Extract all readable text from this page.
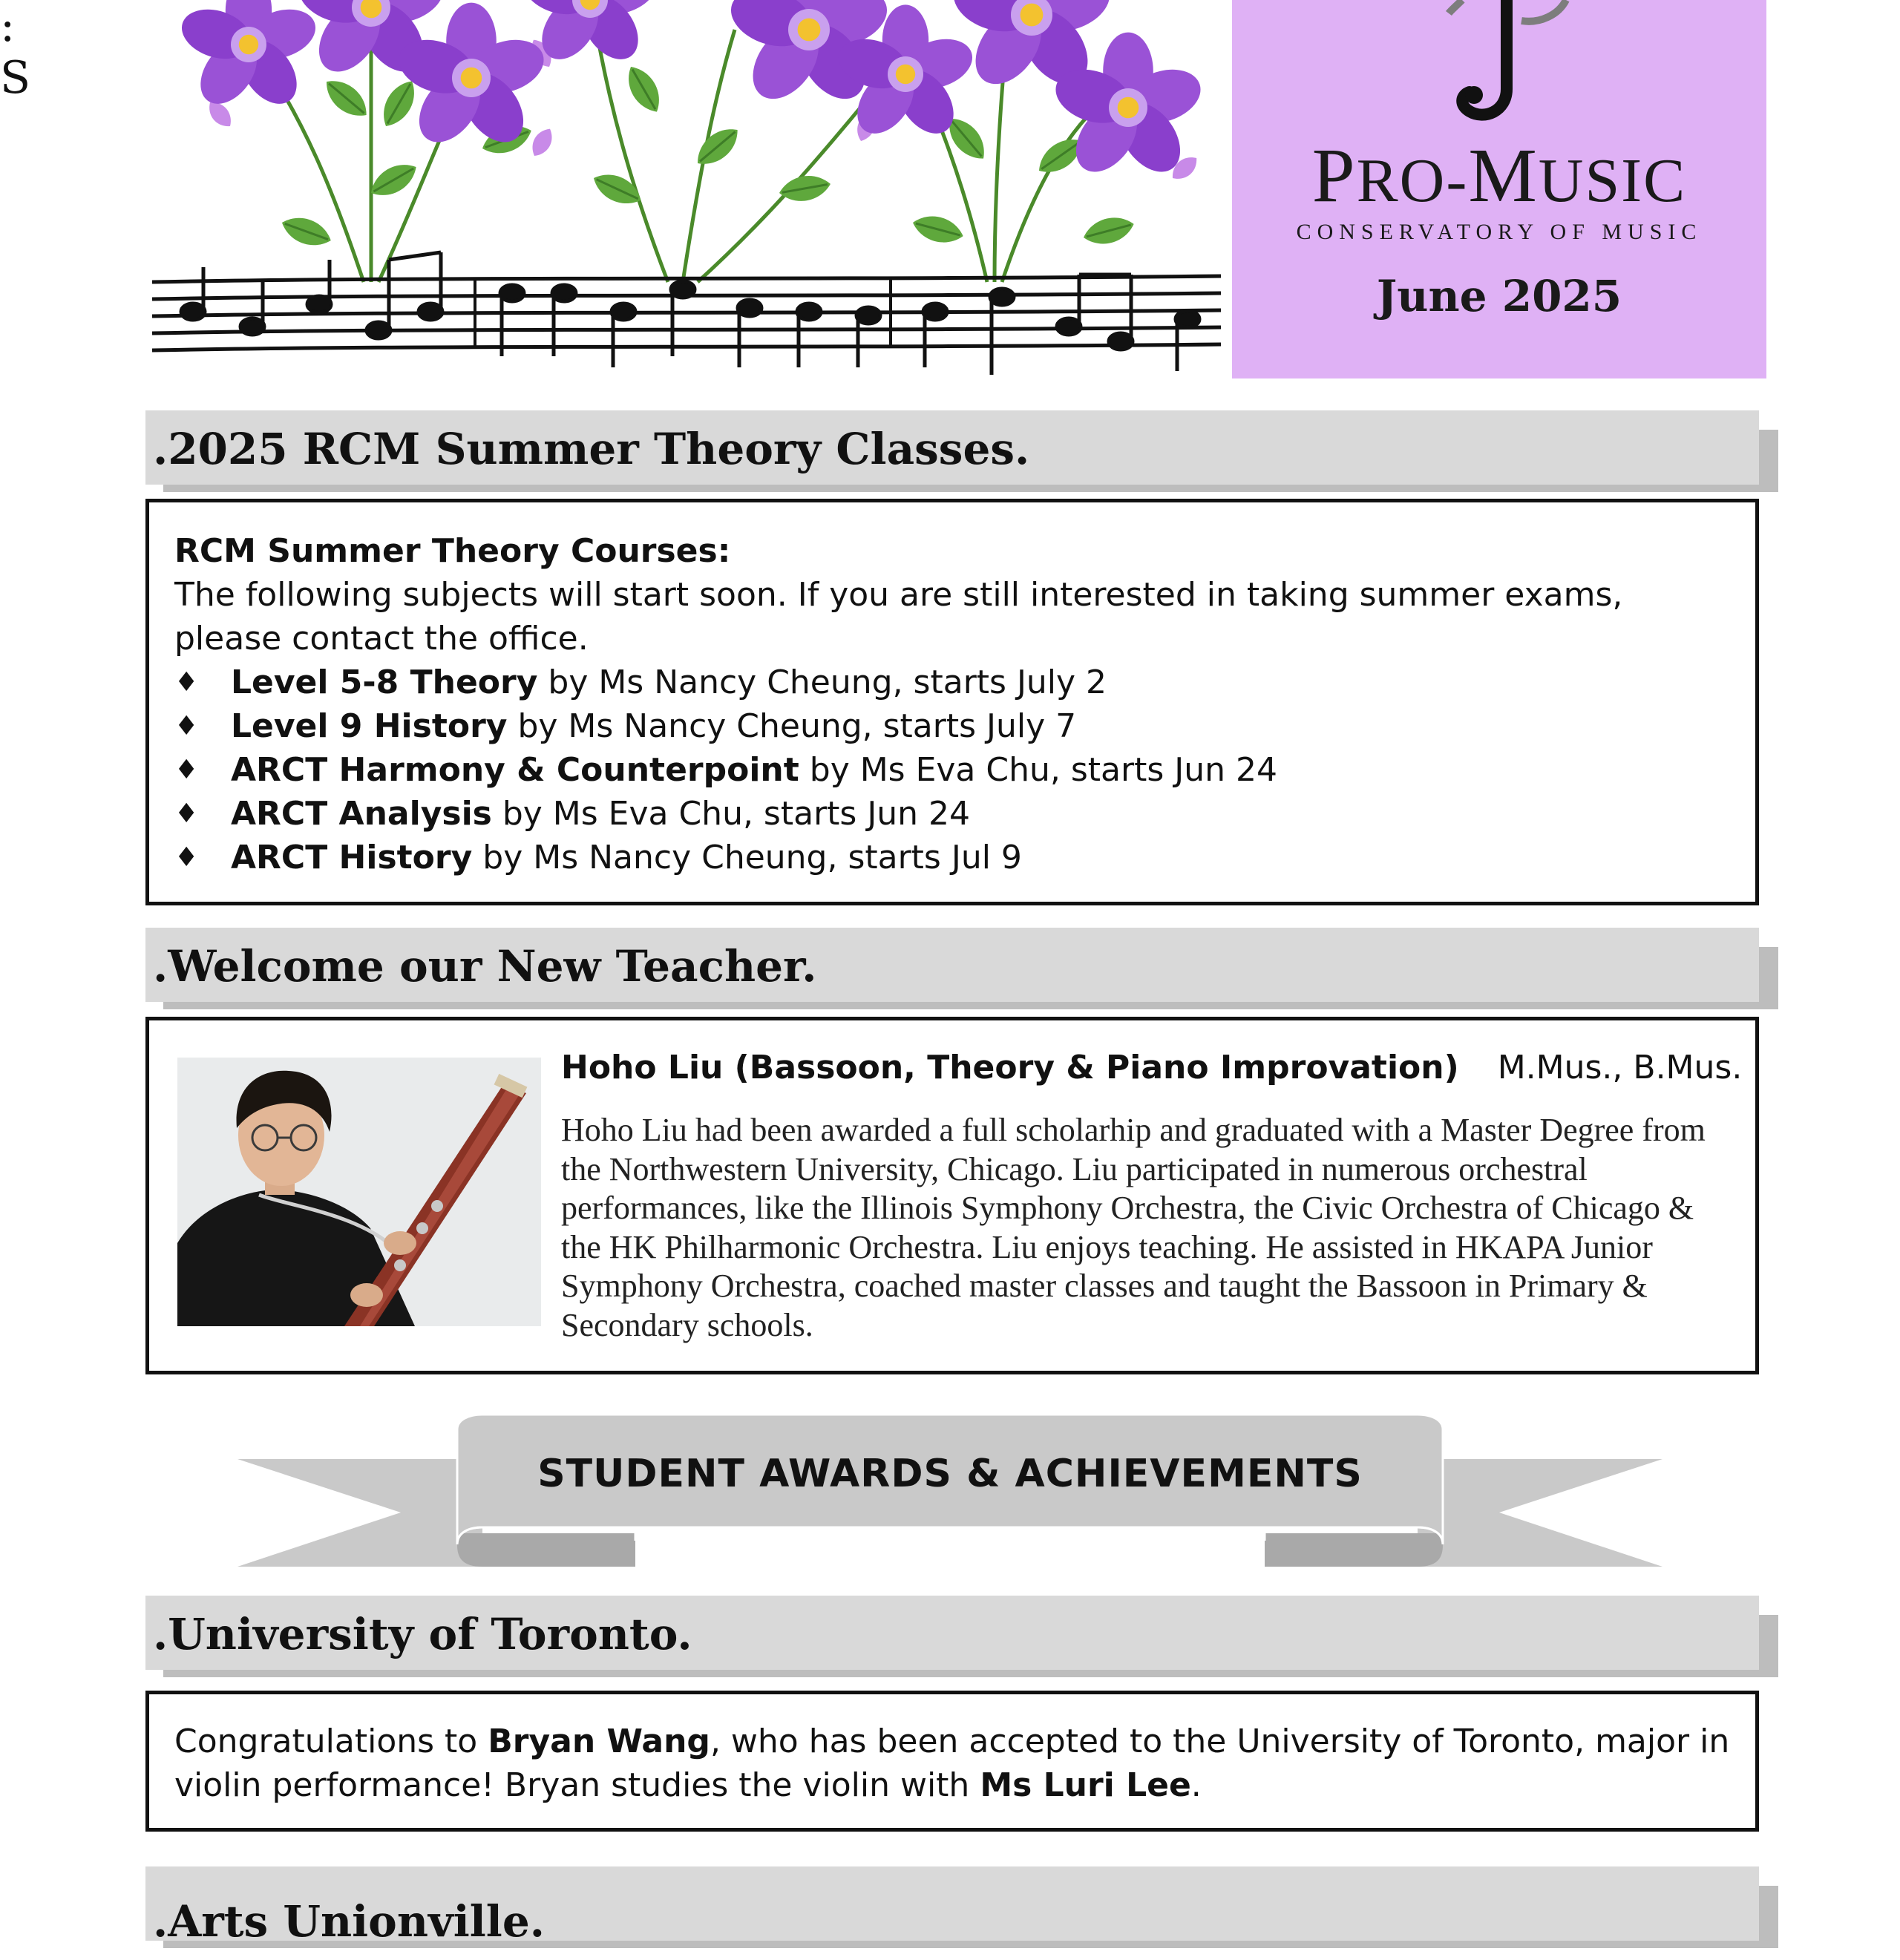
:
S
PRO-MUSIC
CONSERVATORY OF MUSIC
June 2025
.2025 RCM Summer Theory Classes.
RCM Summer Theory Courses:
The following subjects will start soon. If you are still interested in taking summer exams, please contact the office.
♦ Level 5-8 Theory by Ms Nancy Cheung, starts July 2
♦ Level 9 History by Ms Nancy Cheung, starts July 7
♦ ARCT Harmony & Counterpoint by Ms Eva Chu, starts Jun 24
♦ ARCT Analysis by Ms Eva Chu, starts Jun 24
♦ ARCT History by Ms Nancy Cheung, starts Jul 9
.Welcome our New Teacher.
Hoho Liu (Bassoon, Theory & Piano Improvation) M.Mus., B.Mus.
Hoho Liu had been awarded a full scholarhip and graduated with a Master Degree from the Northwestern University, Chicago. Liu participated in numerous orchestral performances, like the Illinois Symphony Orchestra, the Civic Orchestra of Chicago & the HK Philharmonic Orchestra. Liu enjoys teaching. He assisted in HKAPA Junior Symphony Orchestra, coached master classes and taught the Bassoon in Primary & Secondary schools.
STUDENT AWARDS & ACHIEVEMENTS
.University of Toronto.
Congratulations to Bryan Wang, who has been accepted to the University of Toronto, major in violin performance! Bryan studies the violin with Ms Luri Lee.
.Arts Unionville.
